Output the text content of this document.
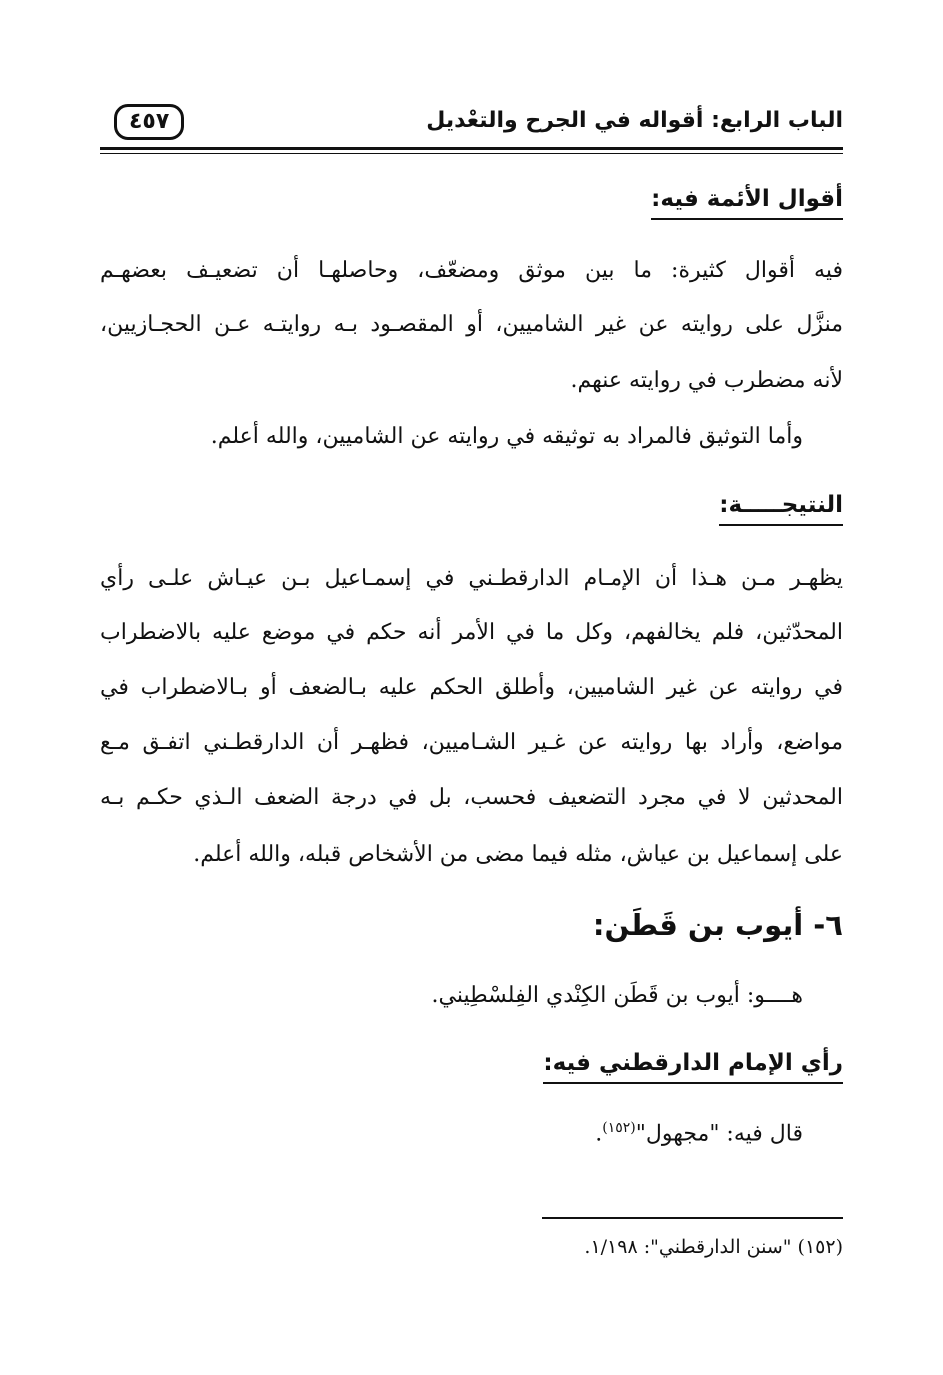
الباب الرابع: أقواله في الجرح والتعْديل
٤٥٧
أقوال الأئمة فيه:
فيه أقوال كثيرة: ما بين موثق ومضعّف، وحاصلهـا أن تضعيـف بعضهـم
منزَّل على روايته عن غير الشاميين، أو المقصـود بـه روايتـه عـن الحجـازيين،
لأنه مضطرب في روايته عنهم.
وأما التوثيق فالمراد به توثيقه في روايته عن الشاميين، والله أعلم.
النتيجـــــة:
يظهـر مـن هـذا أن الإمـام الدارقطـني في إسمـاعيل بـن عيـاش علـى رأي
المحدّثين، فلم يخالفهم، وكل ما في الأمر أنه حكم في موضع عليه بالاضطراب
في روايته عن غير الشاميين، وأطلق الحكم عليه بـالضعف أو بـالاضطراب في
مواضع، وأراد بها روايته عن غـير الشـاميين، فظهـر أن الدارقطـني اتفـق مـع
المحدثين لا في مجرد التضعيف فحسب، بل في درجة الضعف الـذي حكـم بـه
على إسماعيل بن عياش، مثله فيما مضى من الأشخاص قبله، والله أعلم.
٦- أيوب بن قَطَن:
هــــو: أيوب بن قَطَن الكِنْدي الفِلسْطِيني.
رأي الإمام الدارقطني فيه:
قال فيه: "مجهول"$^{(١٥٢)}$.
(١٥٢) "سنن الدارقطني": ١/١٩٨.
